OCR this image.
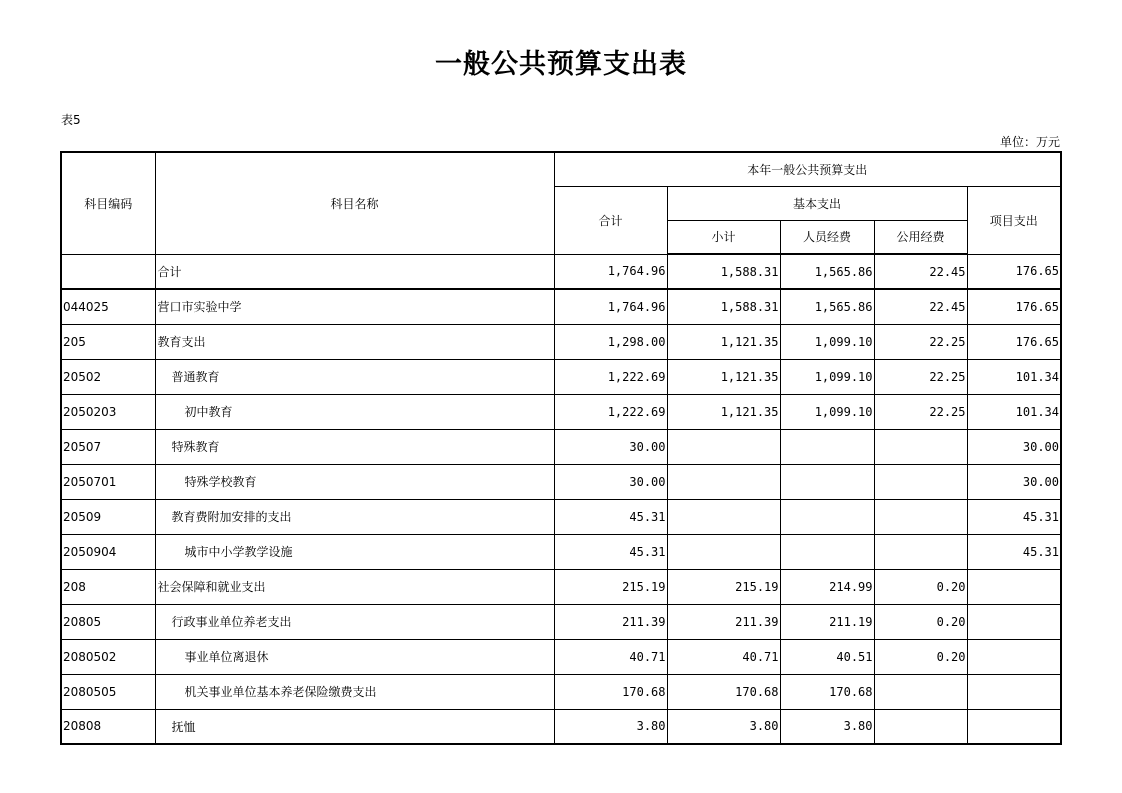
一般公共预算支出表
表5
单位：万元
科目编码	科目名称	本年一般公共预算支出				
		合计	基本支出			项目支出
			小计	人员经费	公用经费	
	合计	1,764.96	1,588.31	1,565.86	22.45	176.65
044025	营口市实验中学	1,764.96	1,588.31	1,565.86	22.45	176.65
205	教育支出	1,298.00	1,121.35	1,099.10	22.25	176.65
20502	普通教育	1,222.69	1,121.35	1,099.10	22.25	101.34
2050203	初中教育	1,222.69	1,121.35	1,099.10	22.25	101.34
20507	特殊教育	30.00				30.00
2050701	特殊学校教育	30.00				30.00
20509	教育费附加安排的支出	45.31				45.31
2050904	城市中小学教学设施	45.31				45.31
208	社会保障和就业支出	215.19	215.19	214.99	0.20	
20805	行政事业单位养老支出	211.39	211.39	211.19	0.20	
2080502	事业单位离退休	40.71	40.71	40.51	0.20	
2080505	机关事业单位基本养老保险缴费支出	170.68	170.68	170.68		
20808	抚恤	3.80	3.80	3.80		
